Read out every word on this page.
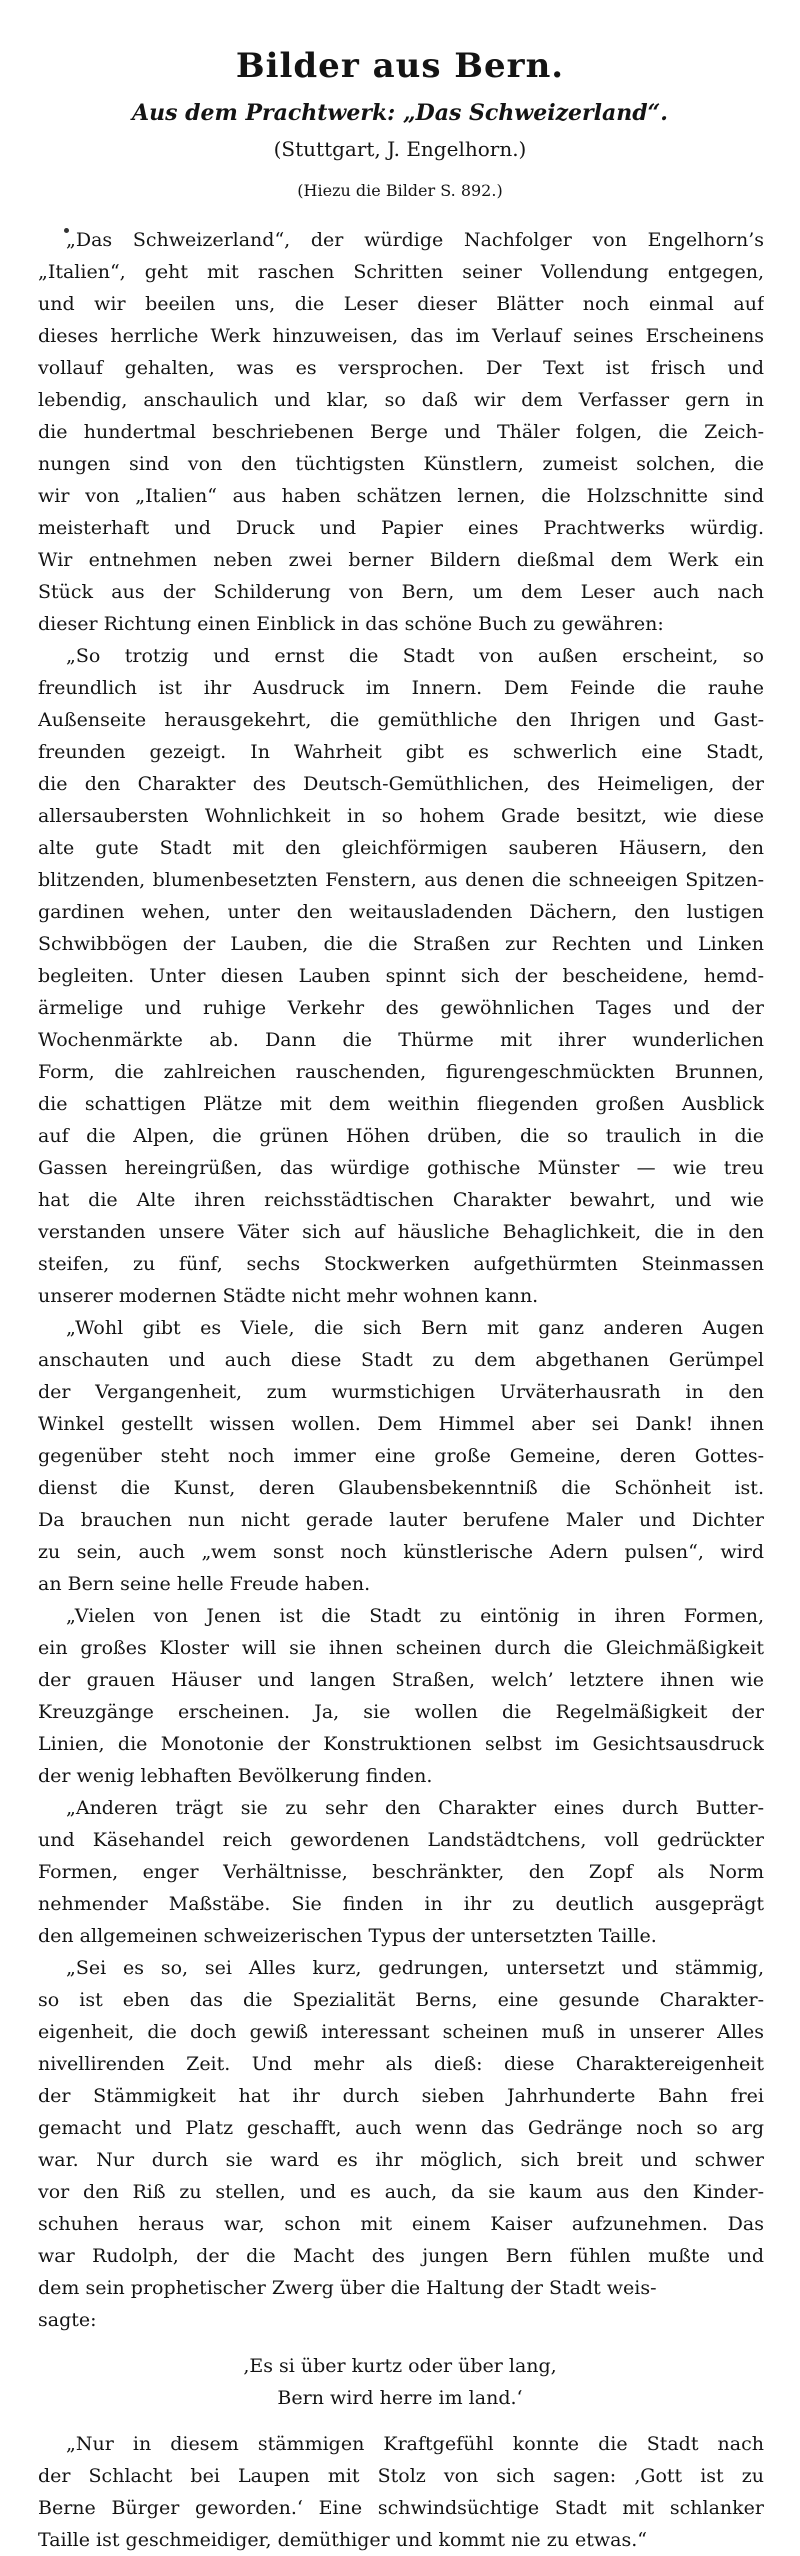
Bilder aus Bern.
Aus dem Prachtwerk: „Das Schweizerland“.
(Stuttgart, J. Engelhorn.)
(Hiezu die Bilder S. 892.)
„Das Schweizerland“, der würdige Nachfolger von Engelhorn’s
„Italien“, geht mit raschen Schritten seiner Vollendung entgegen,
und wir beeilen uns, die Leser dieser Blätter noch einmal auf
dieses herrliche Werk hinzuweisen, das im Verlauf seines Erscheinens
vollauf gehalten, was es versprochen. Der Text ist frisch und
lebendig, anschaulich und klar, so daß wir dem Verfasser gern in
die hundertmal beschriebenen Berge und Thäler folgen, die Zeich-
nungen sind von den tüchtigsten Künstlern, zumeist solchen, die
wir von „Italien“ aus haben schätzen lernen, die Holzschnitte sind
meisterhaft und Druck und Papier eines Prachtwerks würdig.
Wir entnehmen neben zwei berner Bildern dießmal dem Werk ein
Stück aus der Schilderung von Bern, um dem Leser auch nach
dieser Richtung einen Einblick in das schöne Buch zu gewähren:
„So trotzig und ernst die Stadt von außen erscheint, so
freundlich ist ihr Ausdruck im Innern. Dem Feinde die rauhe
Außenseite herausgekehrt, die gemüthliche den Ihrigen und Gast-
freunden gezeigt. In Wahrheit gibt es schwerlich eine Stadt,
die den Charakter des Deutsch-Gemüthlichen, des Heimeligen, der
allersaubersten Wohnlichkeit in so hohem Grade besitzt, wie diese
alte gute Stadt mit den gleichförmigen sauberen Häusern, den
blitzenden, blumenbesetzten Fenstern, aus denen die schneeigen Spitzen-
gardinen wehen, unter den weitausladenden Dächern, den lustigen
Schwibbögen der Lauben, die die Straßen zur Rechten und Linken
begleiten. Unter diesen Lauben spinnt sich der bescheidene, hemd-
ärmelige und ruhige Verkehr des gewöhnlichen Tages und der
Wochenmärkte ab. Dann die Thürme mit ihrer wunderlichen
Form, die zahlreichen rauschenden, figurengeschmückten Brunnen,
die schattigen Plätze mit dem weithin fliegenden großen Ausblick
auf die Alpen, die grünen Höhen drüben, die so traulich in die
Gassen hereingrüßen, das würdige gothische Münster — wie treu
hat die Alte ihren reichsstädtischen Charakter bewahrt, und wie
verstanden unsere Väter sich auf häusliche Behaglichkeit, die in den
steifen, zu fünf, sechs Stockwerken aufgethürmten Steinmassen
unserer modernen Städte nicht mehr wohnen kann.
„Wohl gibt es Viele, die sich Bern mit ganz anderen Augen
anschauten und auch diese Stadt zu dem abgethanen Gerümpel
der Vergangenheit, zum wurmstichigen Urväterhausrath in den
Winkel gestellt wissen wollen. Dem Himmel aber sei Dank! ihnen
gegenüber steht noch immer eine große Gemeine, deren Gottes-
dienst die Kunst, deren Glaubensbekenntniß die Schönheit ist.
Da brauchen nun nicht gerade lauter berufene Maler und Dichter
zu sein, auch „wem sonst noch künstlerische Adern pulsen“, wird
an Bern seine helle Freude haben.
„Vielen von Jenen ist die Stadt zu eintönig in ihren Formen,
ein großes Kloster will sie ihnen scheinen durch die Gleichmäßigkeit
der grauen Häuser und langen Straßen, welch’ letztere ihnen wie
Kreuzgänge erscheinen. Ja, sie wollen die Regelmäßigkeit der
Linien, die Monotonie der Konstruktionen selbst im Gesichtsausdruck
der wenig lebhaften Bevölkerung finden.
„Anderen trägt sie zu sehr den Charakter eines durch Butter-
und Käsehandel reich gewordenen Landstädtchens, voll gedrückter
Formen, enger Verhältnisse, beschränkter, den Zopf als Norm
nehmender Maßstäbe. Sie finden in ihr zu deutlich ausgeprägt
den allgemeinen schweizerischen Typus der untersetzten Taille.
„Sei es so, sei Alles kurz, gedrungen, untersetzt und stämmig,
so ist eben das die Spezialität Berns, eine gesunde Charakter-
eigenheit, die doch gewiß interessant scheinen muß in unserer Alles
nivellirenden Zeit. Und mehr als dieß: diese Charaktereigenheit
der Stämmigkeit hat ihr durch sieben Jahrhunderte Bahn frei
gemacht und Platz geschafft, auch wenn das Gedränge noch so arg
war. Nur durch sie ward es ihr möglich, sich breit und schwer
vor den Riß zu stellen, und es auch, da sie kaum aus den Kinder-
schuhen heraus war, schon mit einem Kaiser aufzunehmen. Das
war Rudolph, der die Macht des jungen Bern fühlen mußte und
dem sein prophetischer Zwerg über die Haltung der Stadt weis-
sagte:
‚Es si über kurtz oder über lang,
Bern wird herre im land.‘
„Nur in diesem stämmigen Kraftgefühl konnte die Stadt nach
der Schlacht bei Laupen mit Stolz von sich sagen: ‚Gott ist zu
Berne Bürger geworden.‘ Eine schwindsüchtige Stadt mit schlanker
Taille ist geschmeidiger, demüthiger und kommt nie zu etwas.“
